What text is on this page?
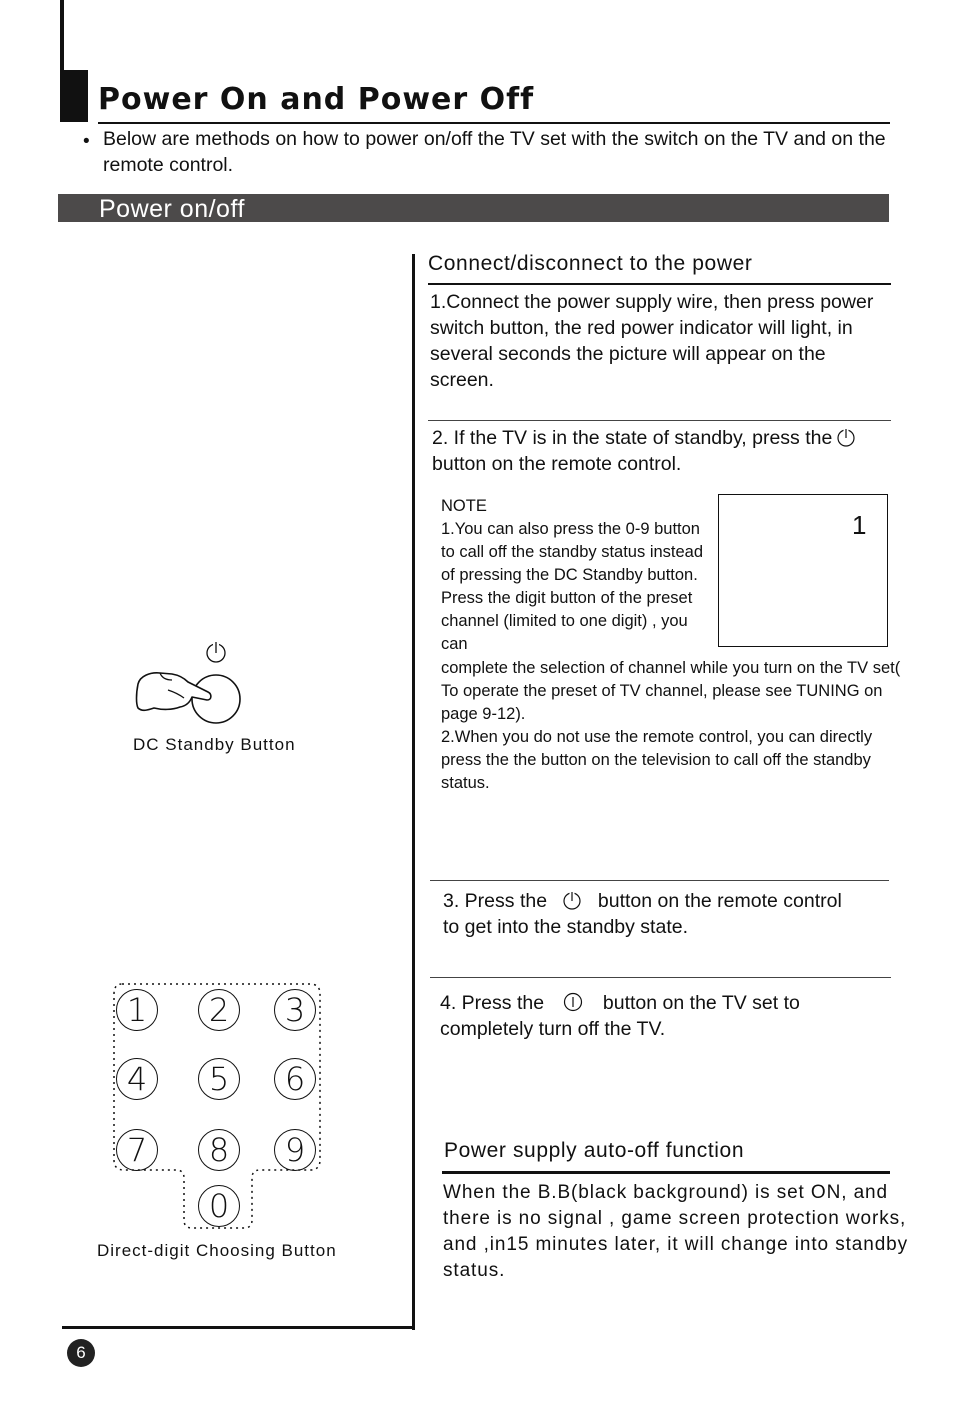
Power On and Power Off
• Below are methods on how to power on/off the TV set with the switch on the TV and on the remote control.
Power on/off
DC Standby Button
1	2	3
4	5	6
7	8	9
0
Direct-digit Choosing Button
Connect/disconnect to the power
1.Connect the power supply wire, then press power switch button, the red power indicator will light, in several seconds the picture will appear on the screen.
2. If the TV is in the state of standby, press the
button on the remote control.
NOTE
1.You can also press the 0-9 button to call off the standby status instead of pressing the DC Standby button. Press the digit button of the preset channel (limited to one digit) , you can
1
complete the selection of channel while you turn on the TV set( To operate the preset of TV channel, please see TUNING on page 9-12).
2.When you do not use the remote control, you can directly press the the button on the television to call off the standby status.
3. Press the	button on the remote control
to get into the standby state.
4. Press the	button on the TV set to
completely turn off the TV.
Power supply auto-off function
When the B.B(black background) is set ON, and there is no signal , game screen protection works, and ,in15 minutes later, it will change into standby status.
6
